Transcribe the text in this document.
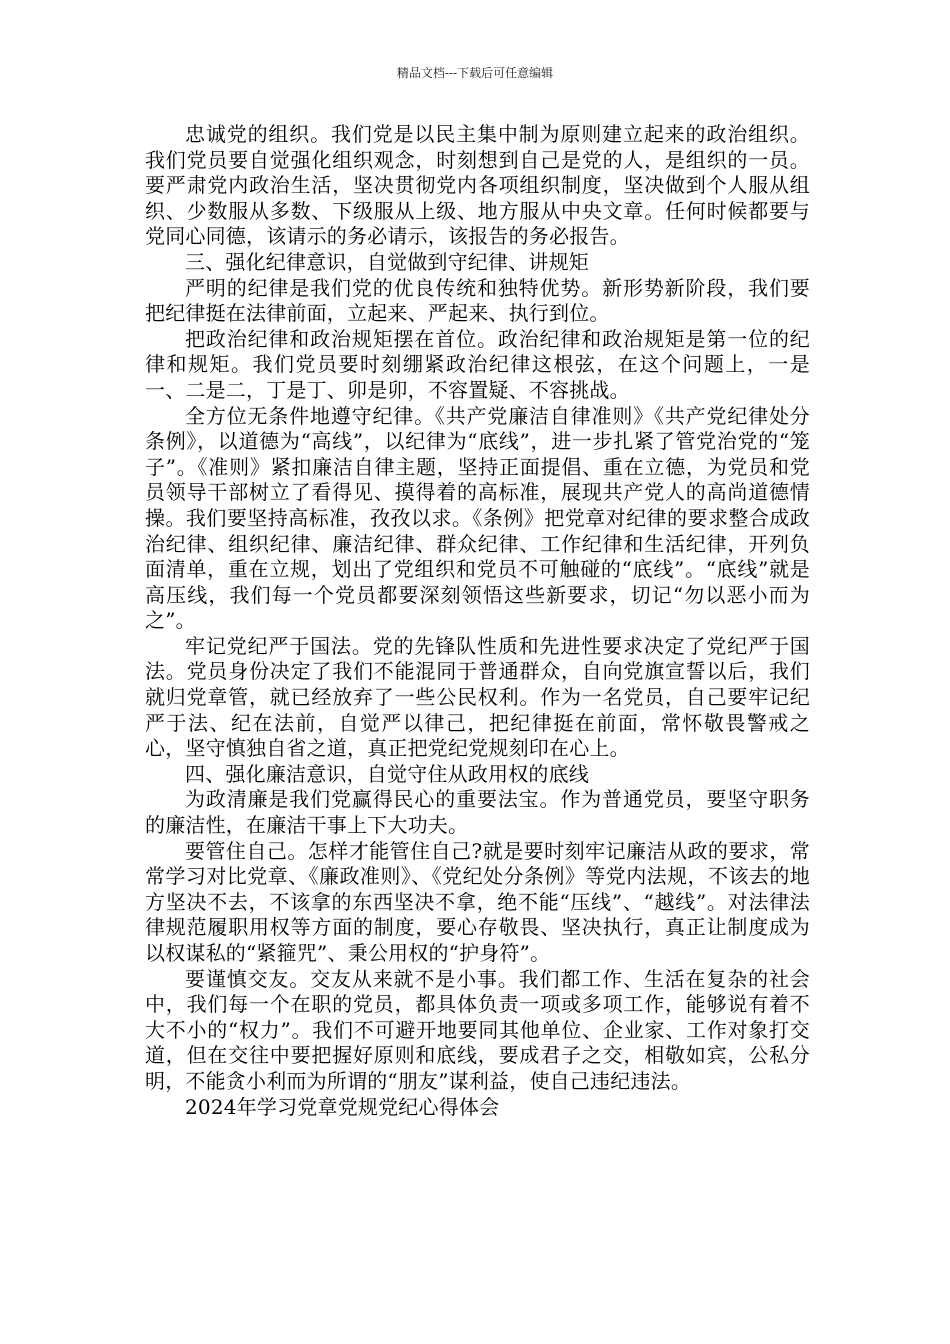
精品文档---下载后可任意编辑

忠诚党的组织。我们党是以民主集中制为原则建立起来的政治组织。我们党员要自觉强化组织观念，时刻想到自己是党的人，是组织的一员。要严肃党内政治生活，坚决贯彻党内各项组织制度，坚决做到个人服从组织、少数服从多数、下级服从上级、地方服从中央文章。任何时候都要与党同心同德，该请示的务必请示，该报告的务必报告。

三、强化纪律意识，自觉做到守纪律、讲规矩

严明的纪律是我们党的优良传统和独特优势。新形势新阶段，我们要把纪律挺在法律前面，立起来、严起来、执行到位。

把政治纪律和政治规矩摆在首位。政治纪律和政治规矩是第一位的纪律和规矩。我们党员要时刻绷紧政治纪律这根弦，在这个问题上，一是一、二是二，丁是丁、卯是卯，不容置疑、不容挑战。

全方位无条件地遵守纪律。《共产党廉洁自律准则》《共产党纪律处分条例》，以道德为“高线”，以纪律为“底线”，进一步扎紧了管党治党的“笼子”。《准则》紧扣廉洁自律主题，坚持正面提倡、重在立德，为党员和党员领导干部树立了看得见、摸得着的高标准，展现共产党人的高尚道德情操。我们要坚持高标准，孜孜以求。《条例》把党章对纪律的要求整合成政治纪律、组织纪律、廉洁纪律、群众纪律、工作纪律和生活纪律，开列负面清单，重在立规，划出了党组织和党员不可触碰的“底线”。“底线”就是高压线，我们每一个党员都要深刻领悟这些新要求，切记“勿以恶小而为之”。

牢记党纪严于国法。党的先锋队性质和先进性要求决定了党纪严于国法。党员身份决定了我们不能混同于普通群众，自向党旗宣誓以后，我们就归党章管，就已经放弃了一些公民权利。作为一名党员，自己要牢记纪严于法、纪在法前，自觉严以律己，把纪律挺在前面，常怀敬畏警戒之心，坚守慎独自省之道，真正把党纪党规刻印在心上。

四、强化廉洁意识，自觉守住从政用权的底线

为政清廉是我们党赢得民心的重要法宝。作为普通党员，要坚守职务的廉洁性，在廉洁干事上下大功夫。

要管住自己。怎样才能管住自己?就是要时刻牢记廉洁从政的要求，常常学习对比党章、《廉政准则》、《党纪处分条例》等党内法规，不该去的地方坚决不去，不该拿的东西坚决不拿，绝不能“压线”、“越线”。对法律法律规范履职用权等方面的制度，要心存敬畏、坚决执行，真正让制度成为以权谋私的“紧箍咒”、秉公用权的“护身符”。

要谨慎交友。交友从来就不是小事。我们都工作、生活在复杂的社会中，我们每一个在职的党员，都具体负责一项或多项工作，能够说有着不大不小的“权力”。我们不可避开地要同其他单位、企业家、工作对象打交道，但在交往中要把握好原则和底线，要成君子之交，相敬如宾，公私分明，不能贪小利而为所谓的“朋友”谋利益，使自己违纪违法。

2024年学习党章党规党纪心得体会
